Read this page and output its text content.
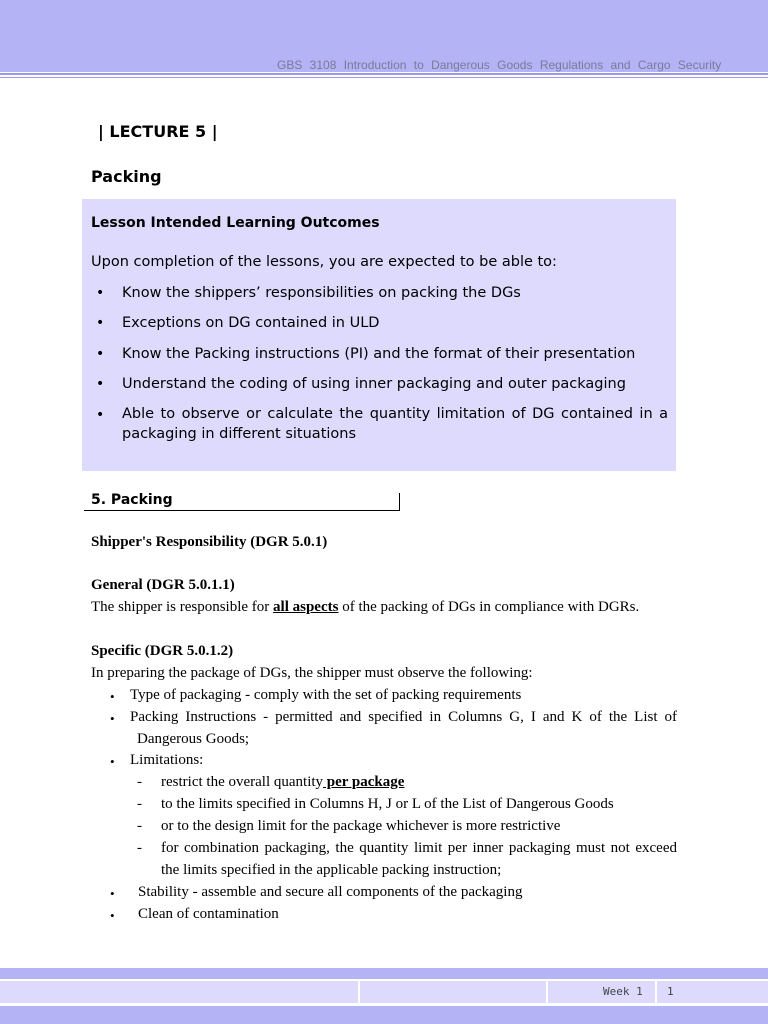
GBS 3108 Introduction to Dangerous Goods Regulations and Cargo Security
| LECTURE 5 |
Packing
Lesson Intended Learning Outcomes
Upon completion of the lessons, you are expected to be able to:
• Know the shippers’ responsibilities on packing the DGs
• Exceptions on DG contained in ULD
• Know the Packing instructions (PI) and the format of their presentation
• Understand the coding of using inner packaging and outer packaging
• Able to observe or calculate the quantity limitation of DG contained in a packaging in different situations
5. Packing
Shipper's Responsibility (DGR 5.0.1)
General (DGR 5.0.1.1)
The shipper is responsible for all aspects of the packing of DGs in compliance with DGRs.
Specific (DGR 5.0.1.2)
In preparing the package of DGs, the shipper must observe the following:
• Type of packaging - comply with the set of packing requirements
• Packing Instructions - permitted and specified in Columns G, I and K of the List of
Dangerous Goods;
• Limitations:
- restrict the overall quantity per package
- to the limits specified in Columns H, J or L of the List of Dangerous Goods
- or to the design limit for the package whichever is more restrictive
- for combination packaging, the quantity limit per inner packaging must not exceed
the limits specified in the applicable packing instruction;
• Stability - assemble and secure all components of the packaging
• Clean of contamination
Week 1 1
